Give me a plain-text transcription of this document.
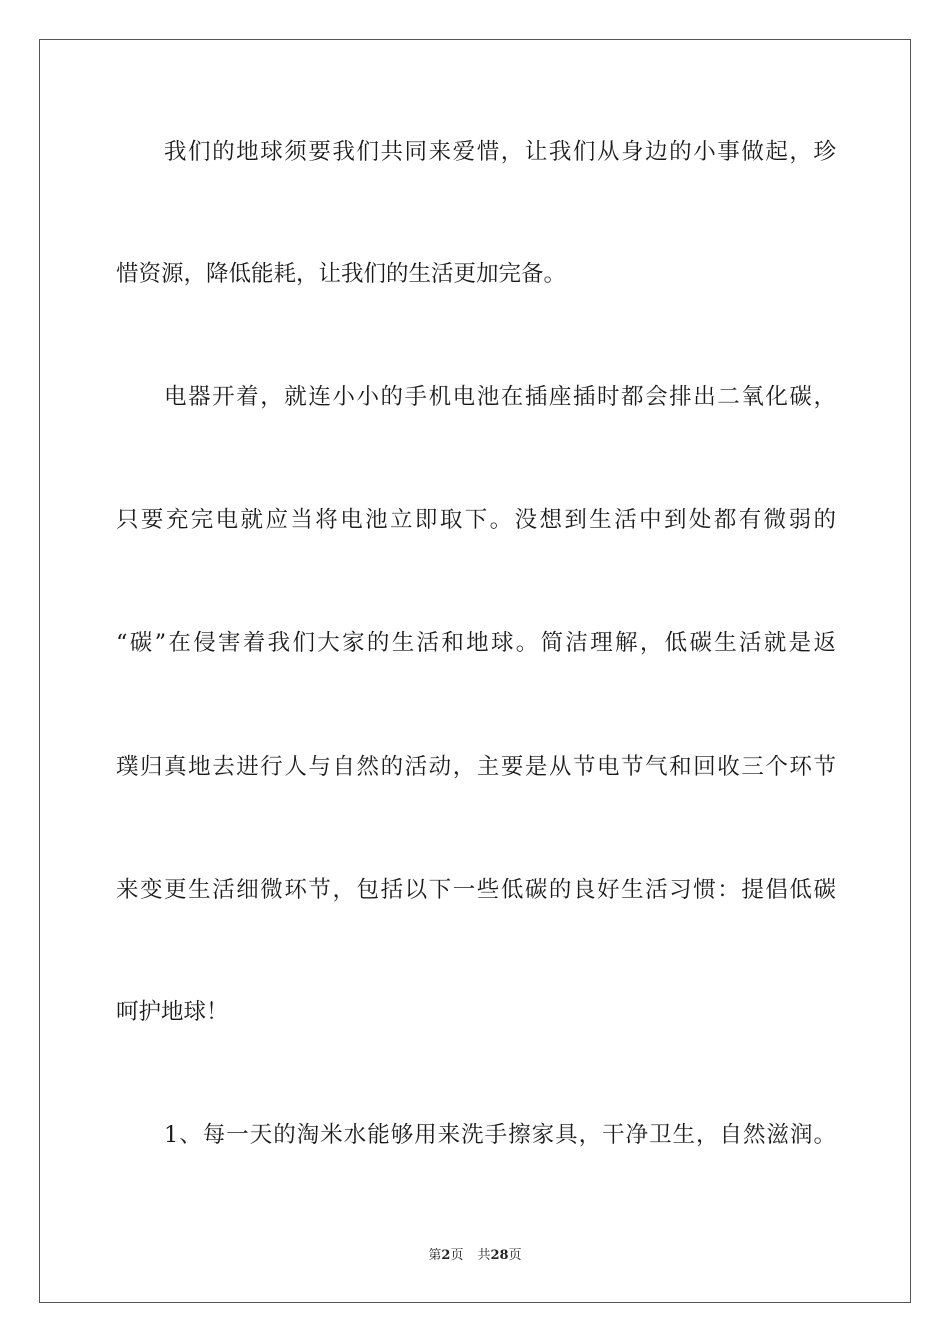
我们的地球须要我们共同来爱惜，让我们从身边的小事做起，珍
惜资源，降低能耗，让我们的生活更加完备。
电器开着，就连小小的手机电池在插座插时都会排出二氧化碳，
只要充完电就应当将电池立即取下。没想到生活中到处都有微弱的
“碳”在侵害着我们大家的生活和地球。简洁理解，低碳生活就是返
璞归真地去进行人与自然的活动，主要是从节电节气和回收三个环节
来变更生活细微环节，包括以下一些低碳的良好生活习惯：提倡低碳
呵护地球！
1、每一天的淘米水能够用来洗手擦家具，干净卫生，自然滋润。
第2页 共28页
